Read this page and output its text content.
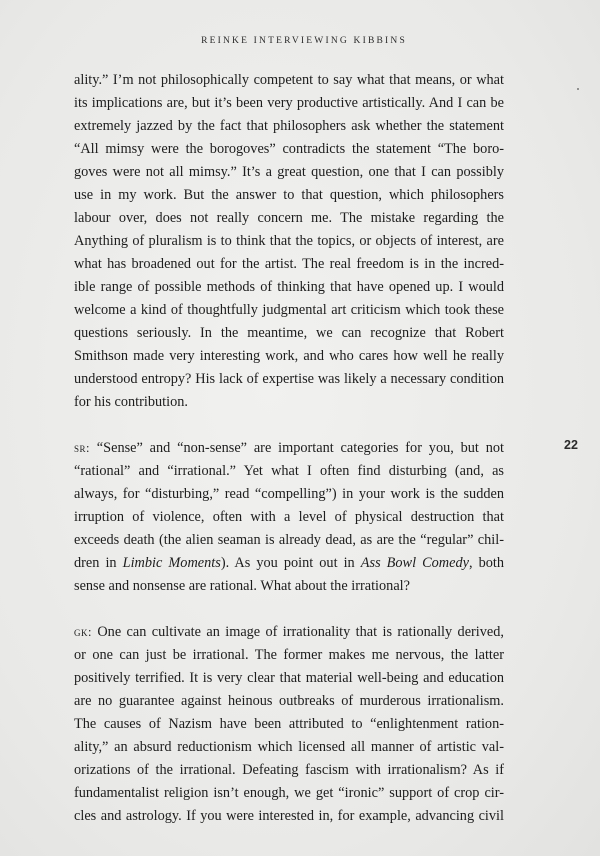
REINKE INTERVIEWING KIBBINS
22
ality.” I’m not philosophically competent to say what that means, or what
its implications are, but it’s been very productive artistically. And I can be
extremely jazzed by the fact that philosophers ask whether the statement
“All mimsy were the borogoves” contradicts the statement “The boro-
goves were not all mimsy.” It’s a great question, one that I can possibly
use in my work. But the answer to that question, which philosophers
labour over, does not really concern me. The mistake regarding the
Anything of pluralism is to think that the topics, or objects of interest, are
what has broadened out for the artist. The real freedom is in the incred-
ible range of possible methods of thinking that have opened up. I would
welcome a kind of thoughtfully judgmental art criticism which took these
questions seriously. In the meantime, we can recognize that Robert
Smithson made very interesting work, and who cares how well he really
understood entropy? His lack of expertise was likely a necessary condition
for his contribution.
sr: “Sense” and “non-sense” are important categories for you, but not
“rational” and “irrational.” Yet what I often find disturbing (and, as
always, for “disturbing,” read “compelling”) in your work is the sudden
irruption of violence, often with a level of physical destruction that
exceeds death (the alien seaman is already dead, as are the “regular” chil-
dren in Limbic Moments). As you point out in Ass Bowl Comedy, both
sense and nonsense are rational. What about the irrational?
gk: One can cultivate an image of irrationality that is rationally derived,
or one can just be irrational. The former makes me nervous, the latter
positively terrified. It is very clear that material well-being and education
are no guarantee against heinous outbreaks of murderous irrationalism.
The causes of Nazism have been attributed to “enlightenment ration-
ality,” an absurd reductionism which licensed all manner of artistic val-
orizations of the irrational. Defeating fascism with irrationalism? As if
fundamentalist religion isn’t enough, we get “ironic” support of crop cir-
cles and astrology. If you were interested in, for example, advancing civil
